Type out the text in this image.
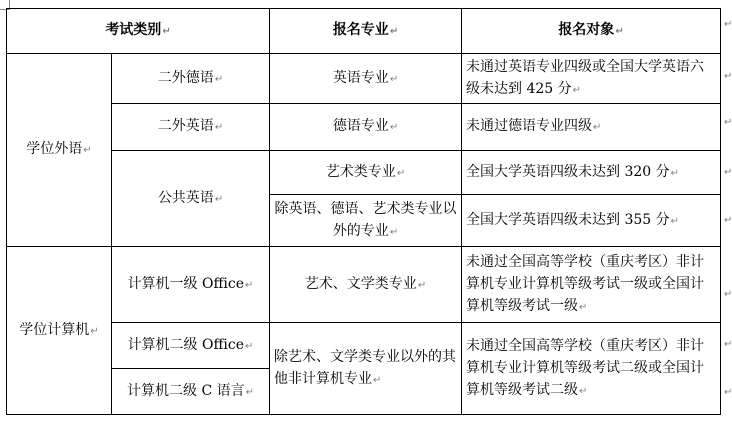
考试类别↵		报名专业↵	报名对象↵
学位外语↵	二外德语↵	英语专业↵	未通过英语专业四级或全国大学英语六级未达到 425 分↵
	二外英语↵	德语专业↵	未通过德语专业四级↵
	公共英语↵	艺术类专业↵	全国大学英语四级未达到 320 分↵
		除英语、德语、艺术类专业以外的专业↵	全国大学英语四级未达到 355 分↵
学位计算机↵	计算机一级 Office↵	艺术、文学类专业↵	未通过全国高等学校（重庆考区）非计算机专业计算机等级考试一级或全国计算机等级考试一级↵
	计算机二级 Office↵	除艺术、文学类专业以外的其他非计算机专业↵	未通过全国高等学校（重庆考区）非计算机专业计算机等级考试二级或全国计算机等级考试二级↵
	计算机二级 C 语言↵		
↵
↵
↵
↵
↵
↵
↵
↵
